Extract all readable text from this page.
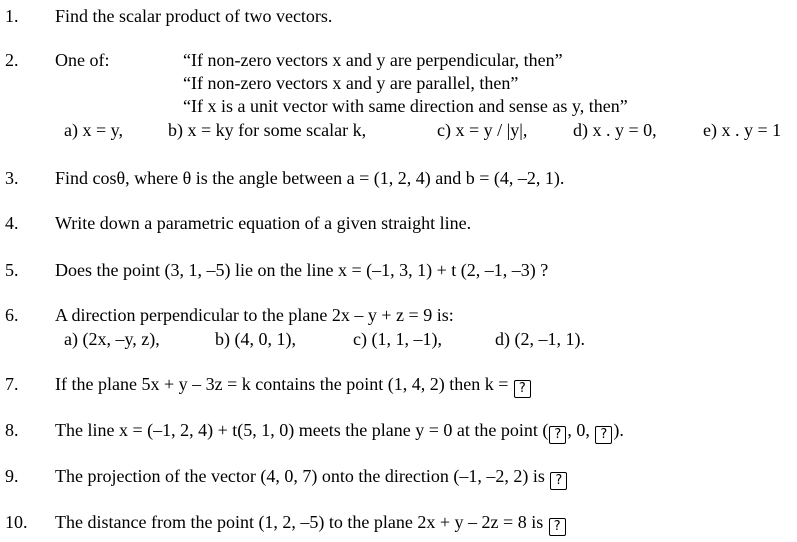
1. Find the scalar product of two vectors.
2. One of:	“If non-zero vectors x and y are perpendicular, then”
“If non-zero vectors x and y are parallel, then”
“If x is a unit vector with same direction and sense as y, then”
a) x = y,	b) x = ky for some scalar k,	c) x = y / |y|,	d) x . y = 0,	e) x . y = 1
3. Find cosθ, where θ is the angle between a = (1, 2, 4) and b = (4, –2, 1).
4. Write down a parametric equation of a given straight line.
5. Does the point (3, 1, –5) lie on the line x = (–1, 3, 1) + t (2, –1, –3) ?
6. A direction perpendicular to the plane 2x – y + z = 9 is:
a) (2x, –y, z),	b) (4, 0, 1),	c) (1, 1, –1),	d) (2, –1, 1).
7. If the plane 5x + y – 3z = k contains the point (1, 4, 2) then k = ?
8. The line x = (–1, 2, 4) + t(5, 1, 0) meets the plane y = 0 at the point ( ? , 0, ? ).
9. The projection of the vector (4, 0, 7) onto the direction (–1, –2, 2) is ?
10. The distance from the point (1, 2, –5) to the plane 2x + y – 2z = 8 is ?
